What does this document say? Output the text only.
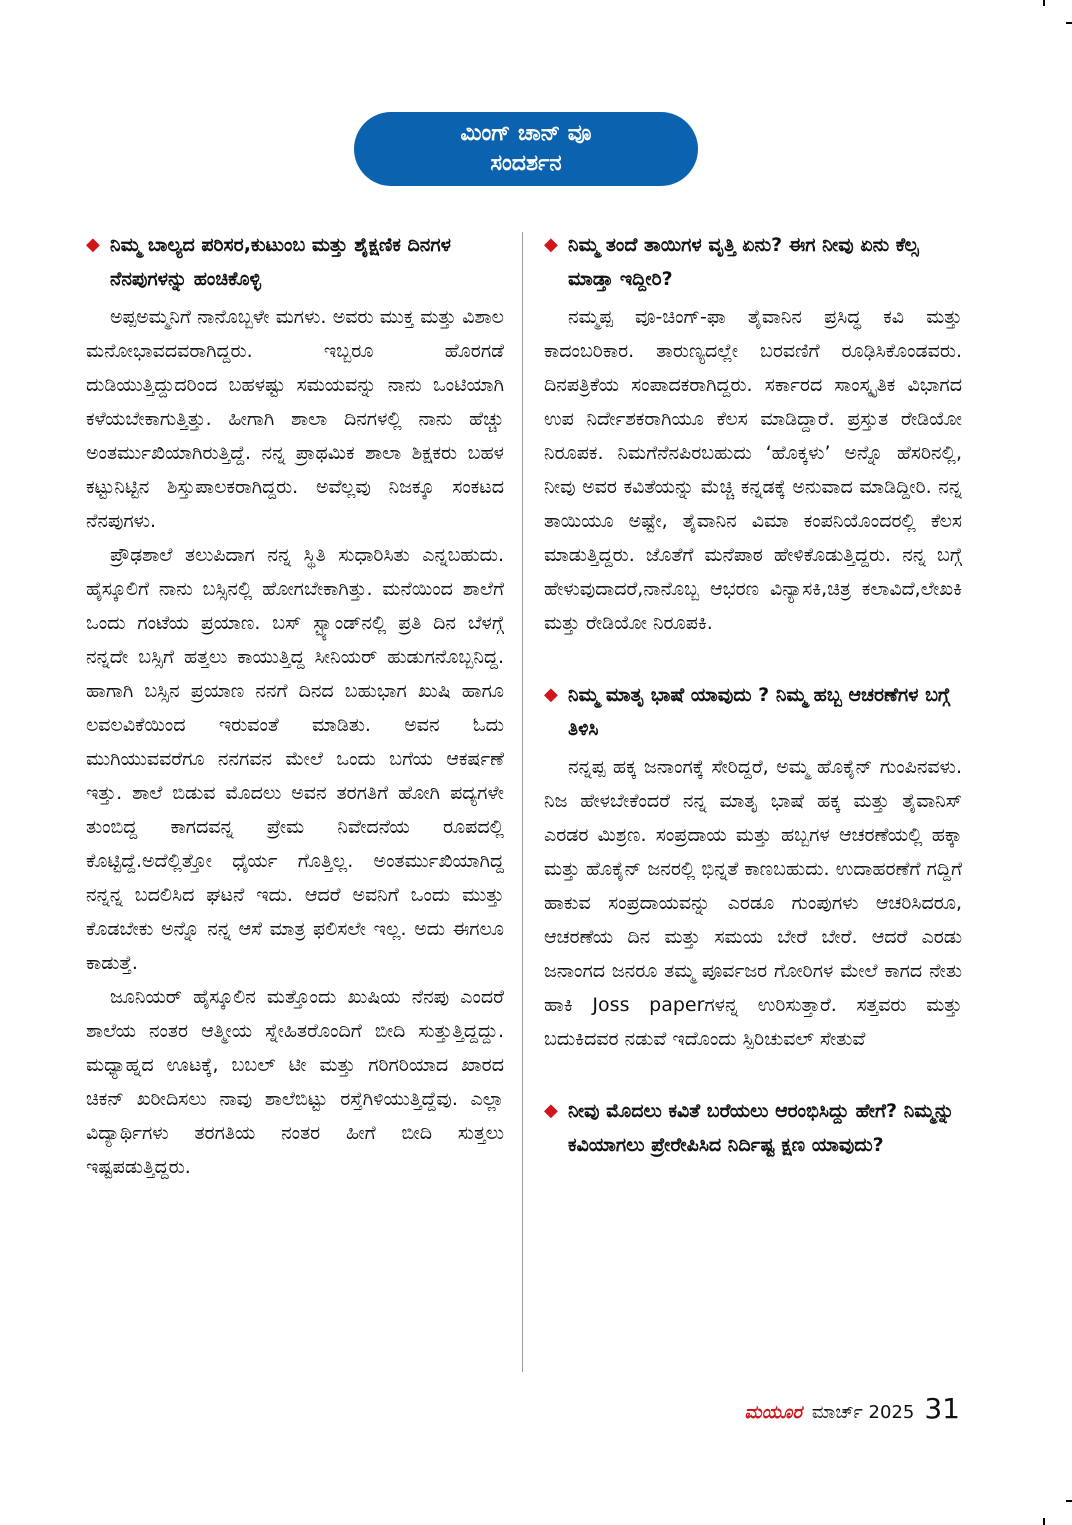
ಮಿಂಗ್ ಚಾನ್ ವೂ
ಸಂದರ್ಶನ
◆ ನಿಮ್ಮ ಬಾಲ್ಯದ ಪರಿಸರ,ಕುಟುಂಬ ಮತ್ತು ಶೈಕ್ಷಣಿಕ ದಿನಗಳ ನೆನಪುಗಳನ್ನು ಹಂಚಿಕೊಳ್ಳಿ
ಅಪ್ಪಅಮ್ಮನಿಗೆ ನಾನೊಬ್ಬಳೇ ಮಗಳು. ಅವರು ಮುಕ್ತ ಮತ್ತು ವಿಶಾಲ ಮನೋಭಾವದವರಾಗಿದ್ದರು. ಇಬ್ಬರೂ ಹೊರಗಡೆ ದುಡಿಯುತ್ತಿದ್ದುದರಿಂದ ಬಹಳಷ್ಟು ಸಮಯವನ್ನು ನಾನು ಒಂಟಿಯಾಗಿ ಕಳೆಯಬೇಕಾಗುತ್ತಿತ್ತು. ಹೀಗಾಗಿ ಶಾಲಾ ದಿನಗಳಲ್ಲಿ ನಾನು ಹೆಚ್ಚು ಅಂತರ್ಮುಖಿಯಾಗಿರುತ್ತಿದ್ದೆ. ನನ್ನ ಪ್ರಾಥಮಿಕ ಶಾಲಾ ಶಿಕ್ಷಕರು ಬಹಳ ಕಟ್ಟುನಿಟ್ಟಿನ ಶಿಸ್ತುಪಾಲಕರಾಗಿದ್ದರು. ಅವೆಲ್ಲವು ನಿಜಕ್ಕೂ ಸಂಕಟದ ನೆನಪುಗಳು.
ಪ್ರೌಢಶಾಲೆ ತಲುಪಿದಾಗ ನನ್ನ ಸ್ಥಿತಿ ಸುಧಾರಿಸಿತು ಎನ್ನಬಹುದು. ಹೈಸ್ಕೂಲಿಗೆ ನಾನು ಬಸ್ಸಿನಲ್ಲಿ ಹೋಗಬೇಕಾಗಿತ್ತು. ಮನೆಯಿಂದ ಶಾಲೆಗೆ ಒಂದು ಗಂಟೆಯ ಪ್ರಯಾಣ. ಬಸ್ ಸ್ಟ್ಯಾಂಡ್‌ನಲ್ಲಿ ಪ್ರತಿ ದಿನ ಬೆಳಗ್ಗೆ ನನ್ನದೇ ಬಸ್ಸಿಗೆ ಹತ್ತಲು ಕಾಯುತ್ತಿದ್ದ ಸೀನಿಯರ್ ಹುಡುಗನೊಬ್ಬನಿದ್ದ. ಹಾಗಾಗಿ ಬಸ್ಸಿನ ಪ್ರಯಾಣ ನನಗೆ ದಿನದ ಬಹುಭಾಗ ಖುಷಿ ಹಾಗೂ ಲವಲವಿಕೆಯಿಂದ ಇರುವಂತೆ ಮಾಡಿತು. ಅವನ ಓದು ಮುಗಿಯುವವರೆಗೂ ನನಗವನ ಮೇಲೆ ಒಂದು ಬಗೆಯ ಆಕರ್ಷಣೆ ಇತ್ತು. ಶಾಲೆ ಬಿಡುವ ಮೊದಲು ಅವನ ತರಗತಿಗೆ ಹೋಗಿ ಪದ್ಯಗಳೇ ತುಂಬಿದ್ದ ಕಾಗದವನ್ನ ಪ್ರೇಮ ನಿವೇದನೆಯ ರೂಪದಲ್ಲಿ ಕೊಟ್ಟಿದ್ದೆ.ಅದೆಲ್ಲಿತ್ತೋ ಧೈರ್ಯ ಗೊತ್ತಿಲ್ಲ. ಅಂತರ್ಮುಖಿಯಾಗಿದ್ದ ನನ್ನನ್ನ ಬದಲಿಸಿದ ಘಟನೆ ಇದು. ಆದರೆ ಅವನಿಗೆ ಒಂದು ಮುತ್ತು ಕೊಡಬೇಕು ಅನ್ನೊ ನನ್ನ ಆಸೆ ಮಾತ್ರ ಫಲಿಸಲೇ ಇಲ್ಲ. ಅದು ಈಗಲೂ ಕಾಡುತ್ತೆ.
ಜೂನಿಯರ್ ಹೈಸ್ಕೂಲಿನ ಮತ್ತೊಂದು ಖುಷಿಯ ನೆನಪು ಎಂದರೆ ಶಾಲೆಯ ನಂತರ ಆತ್ಮೀಯ ಸ್ನೇಹಿತರೊಂದಿಗೆ ಬೀದಿ ಸುತ್ತುತ್ತಿದ್ದದ್ದು. ಮಧ್ಯಾಹ್ನದ ಊಟಕ್ಕೆ, ಬಬಲ್ ಟೀ ಮತ್ತು ಗರಿಗರಿಯಾದ ಖಾರದ ಚಿಕನ್ ಖರೀದಿಸಲು ನಾವು ಶಾಲೆಬಿಟ್ಟು ರಸ್ತೆಗಿಳಿಯುತ್ತಿದ್ದೆವು. ಎಲ್ಲಾ ವಿದ್ಯಾರ್ಥಿಗಳು ತರಗತಿಯ ನಂತರ ಹೀಗೆ ಬೀದಿ ಸುತ್ತಲು ಇಷ್ಟಪಡುತ್ತಿದ್ದರು.
◆ ನಿಮ್ಮ ತಂದೆ ತಾಯಿಗಳ ವೃತ್ತಿ ಏನು? ಈಗ ನೀವು ಏನು ಕೆಲ್ಸ ಮಾಡ್ತಾ ಇದ್ದೀರಿ?
ನಮ್ಮಪ್ಪ ವೂ-ಚಿಂಗ್-ಫಾ ತೈವಾನಿನ ಪ್ರಸಿದ್ಧ ಕವಿ ಮತ್ತು ಕಾದಂಬರಿಕಾರ. ತಾರುಣ್ಯದಲ್ಲೇ ಬರವಣಿಗೆ ರೂಢಿಸಿಕೊಂಡವರು. ದಿನಪತ್ರಿಕೆಯ ಸಂಪಾದಕರಾಗಿದ್ದರು. ಸರ್ಕಾರದ ಸಾಂಸ್ಕೃತಿಕ ವಿಭಾಗದ ಉಪ ನಿರ್ದೇಶಕರಾಗಿಯೂ ಕೆಲಸ ಮಾಡಿದ್ದಾರೆ. ಪ್ರಸ್ತುತ ರೇಡಿಯೋ ನಿರೂಪಕ. ನಿಮಗೆನೆನಪಿರಬಹುದು ‘ಹೊಕ್ಕಳು’ ಅನ್ನೊ ಹೆಸರಿನಲ್ಲಿ, ನೀವು ಅವರ ಕವಿತೆಯನ್ನು ಮೆಚ್ಚಿ ಕನ್ನಡಕ್ಕೆ ಅನುವಾದ ಮಾಡಿದ್ದೀರಿ. ನನ್ನ ತಾಯಿಯೂ ಅಷ್ಟೇ, ತೈವಾನಿನ ವಿಮಾ ಕಂಪನಿಯೊಂದರಲ್ಲಿ ಕೆಲಸ ಮಾಡುತ್ತಿದ್ದರು. ಜೊತೆಗೆ ಮನೆಪಾಠ ಹೇಳಿಕೊಡುತ್ತಿದ್ದರು. ನನ್ನ ಬಗ್ಗೆ ಹೇಳುವುದಾದರೆ,ನಾನೊಬ್ಬ ಆಭರಣ ವಿನ್ಯಾಸಕಿ,ಚಿತ್ರ ಕಲಾವಿದೆ,ಲೇಖಕಿ ಮತ್ತು ರೇಡಿಯೋ ನಿರೂಪಕಿ.
◆ ನಿಮ್ಮ ಮಾತೃ ಭಾಷೆ ಯಾವುದು ? ನಿಮ್ಮ ಹಬ್ಬ ಆಚರಣೆಗಳ ಬಗ್ಗೆ ತಿಳಿಸಿ
ನನ್ನಪ್ಪ ಹಕ್ಕ ಜನಾಂಗಕ್ಕೆ ಸೇರಿದ್ದರೆ, ಅಮ್ಮ ಹೊಕೈನ್ ಗುಂಪಿನವಳು. ನಿಜ ಹೇಳಬೇಕೆಂದರೆ ನನ್ನ ಮಾತೃ ಭಾಷೆ ಹಕ್ಕ ಮತ್ತು ತೈವಾನಿಸ್ ಎರಡರ ಮಿಶ್ರಣ. ಸಂಪ್ರದಾಯ ಮತ್ತು ಹಬ್ಬಗಳ ಆಚರಣೆಯಲ್ಲಿ ಹಕ್ಕಾ ಮತ್ತು ಹೊಕೈನ್ ಜನರಲ್ಲಿ ಭಿನ್ನತೆ ಕಾಣಬಹುದು. ಉದಾಹರಣೆಗೆ ಗದ್ದಿಗೆ ಹಾಕುವ ಸಂಪ್ರದಾಯವನ್ನು ಎರಡೂ ಗುಂಪುಗಳು ಆಚರಿಸಿದರೂ, ಆಚರಣೆಯ ದಿನ ಮತ್ತು ಸಮಯ ಬೇರೆ ಬೇರೆ. ಆದರೆ ಎರಡು ಜನಾಂಗದ ಜನರೂ ತಮ್ಮ ಪೂರ್ವಜರ ಗೋರಿಗಳ ಮೇಲೆ ಕಾಗದ ನೇತು ಹಾಕಿ Joss paperಗಳನ್ನ ಉರಿಸುತ್ತಾರೆ. ಸತ್ತವರು ಮತ್ತು ಬದುಕಿದವರ ನಡುವೆ ಇದೊಂದು ಸ್ಪಿರಿಚುವಲ್ ಸೇತುವೆ
◆ ನೀವು ಮೊದಲು ಕವಿತೆ ಬರೆಯಲು ಆರಂಭಿಸಿದ್ದು ಹೇಗೆ? ನಿಮ್ಮನ್ನು ಕವಿಯಾಗಲು ಪ್ರೇರೇಪಿಸಿದ ನಿರ್ದಿಷ್ಟ ಕ್ಷಣ ಯಾವುದು?
ಮಯೂರ ಮಾರ್ಚ್ 2025 31
